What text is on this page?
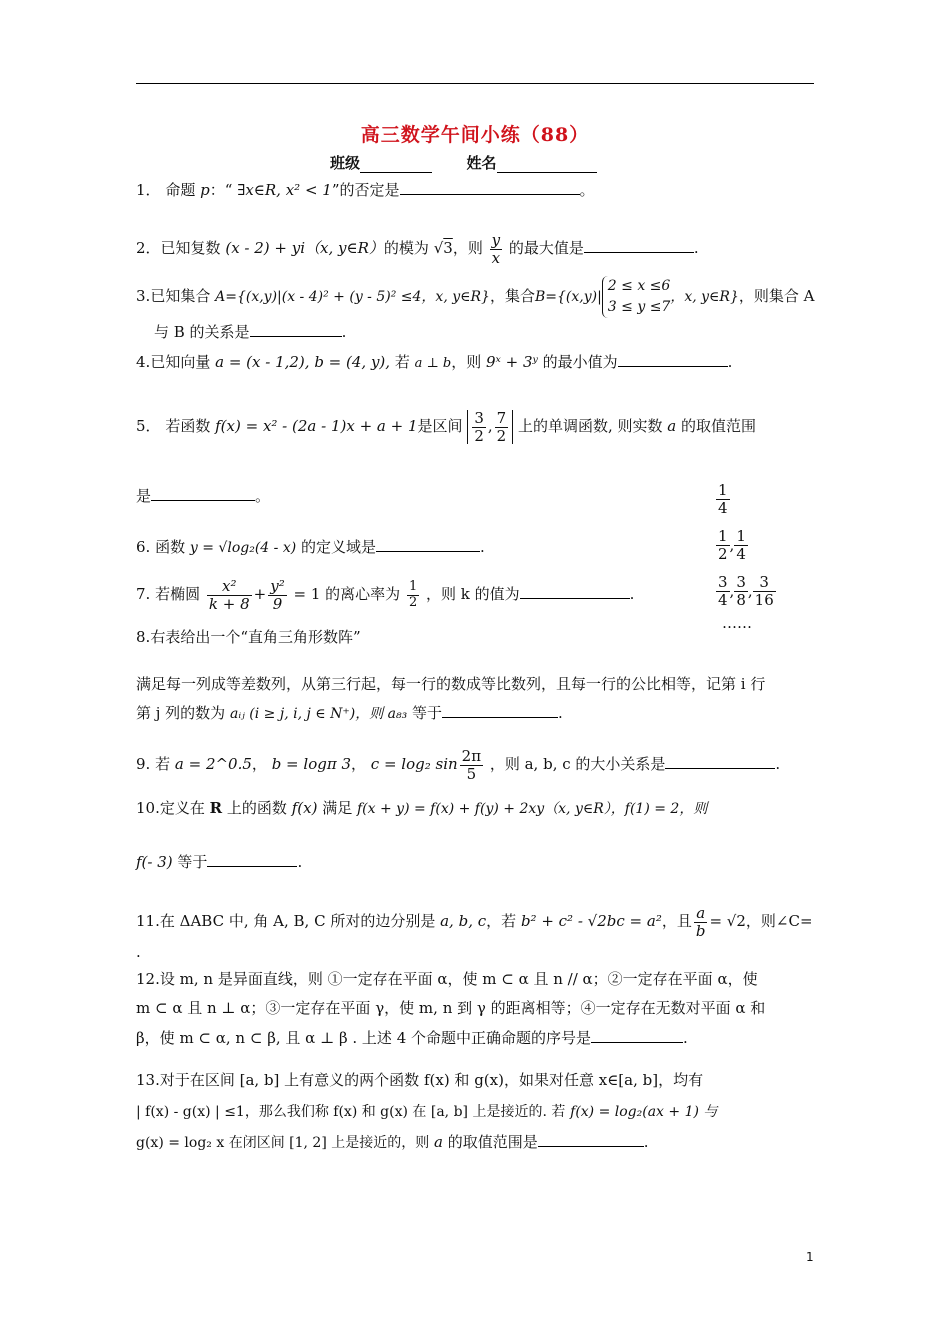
高三数学午间小练（88）
班级	姓名
1． 命题 p：“ ∃x∈R, x² < 1”的否定是	。
2．已知复数 (x - 2) + yi（x, y∈R）的模为 √3，则 $\frac{y}{x}$ 的最大值是	.
3.已知集合 A={(x,y)|(x - 4)² + (y - 5)² ≤4，x, y∈R}，集合B={(x,y)|
2 ≤ x ≤6
3 ≤ y ≤7
，x, y∈R}，则集合 A
与 B 的关系是	.
4.已知向量 a = (x - 1,2), b = (4, y), 若 a ⊥ b，则 9ˣ + 3ʸ 的最小值为	.
5． 若函数 f(x) = x² - (2a - 1)x + a + 1是区间 $\frac{3}{2}$ , $\frac{7}{2}$ 上的单调函数, 则实数 a 的取值范围
是	。
6. 函数 y = √log₂(4 - x) 的定义域是	.
7. 若椭圆 $\frac{\text{x²}}{k + 8} + \frac{\text{y²}}{9} = 1$ 的离心率为 $\frac{1}{2}$ ，则 k 的值为	.
8.右表给出一个“直角三角形数阵”
满足每一列成等差数列，从第三行起，每一行的数成等比数列，且每一行的公比相等，记第 i 行
第 j 列的数为 aᵢⱼ (i ≥ j, i, j ∈ N⁺)，则 a₈₃ 等于	.
$\frac{1}{4}$
$\frac{1}{2}$ , $\frac{1}{4}$
$\frac{3}{4}$ , $\frac{3}{8}$ , $\frac{3}{16}$
……
9. 若 a = 2^0.5， b = logπ 3， c = log₂ $\sin \frac{2\pi}{5}$ ，则 a, b, c 的大小关系是	.
10.定义在 R 上的函数 f(x) 满足 f(x + y) = f(x) + f(y) + 2xy（x, y∈R），f(1) = 2，则
f(- 3) 等于	.
11.在 ΔABC 中, 角 A, B, C 所对的边分别是 a, b, c，若 b² + c² - √2bc = a²，且 $\frac{a}{b} = √2$，则∠C=
.
12.设 m, n 是异面直线，则 ①一定存在平面 α，使 m ⊂ α 且 n // α；②一定存在平面 α，使
m ⊂ α 且 n ⊥ α；③一定存在平面 γ，使 m, n 到 γ 的距离相等；④一定存在无数对平面 α 和
β，使 m ⊂ α, n ⊂ β, 且 α ⊥ β . 上述 4 个命题中正确命题的序号是	.
13.对于在区间 [a, b] 上有意义的两个函数 f(x) 和 g(x)，如果对任意 x∈[a, b]，均有
| f(x) - g(x) | ≤1，那么我们称 f(x) 和 g(x) 在 [a, b] 上是接近的. 若 f(x) = log₂(ax + 1) 与
g(x) = log₂ x 在闭区间 [1, 2] 上是接近的，则 a 的取值范围是	.
1
